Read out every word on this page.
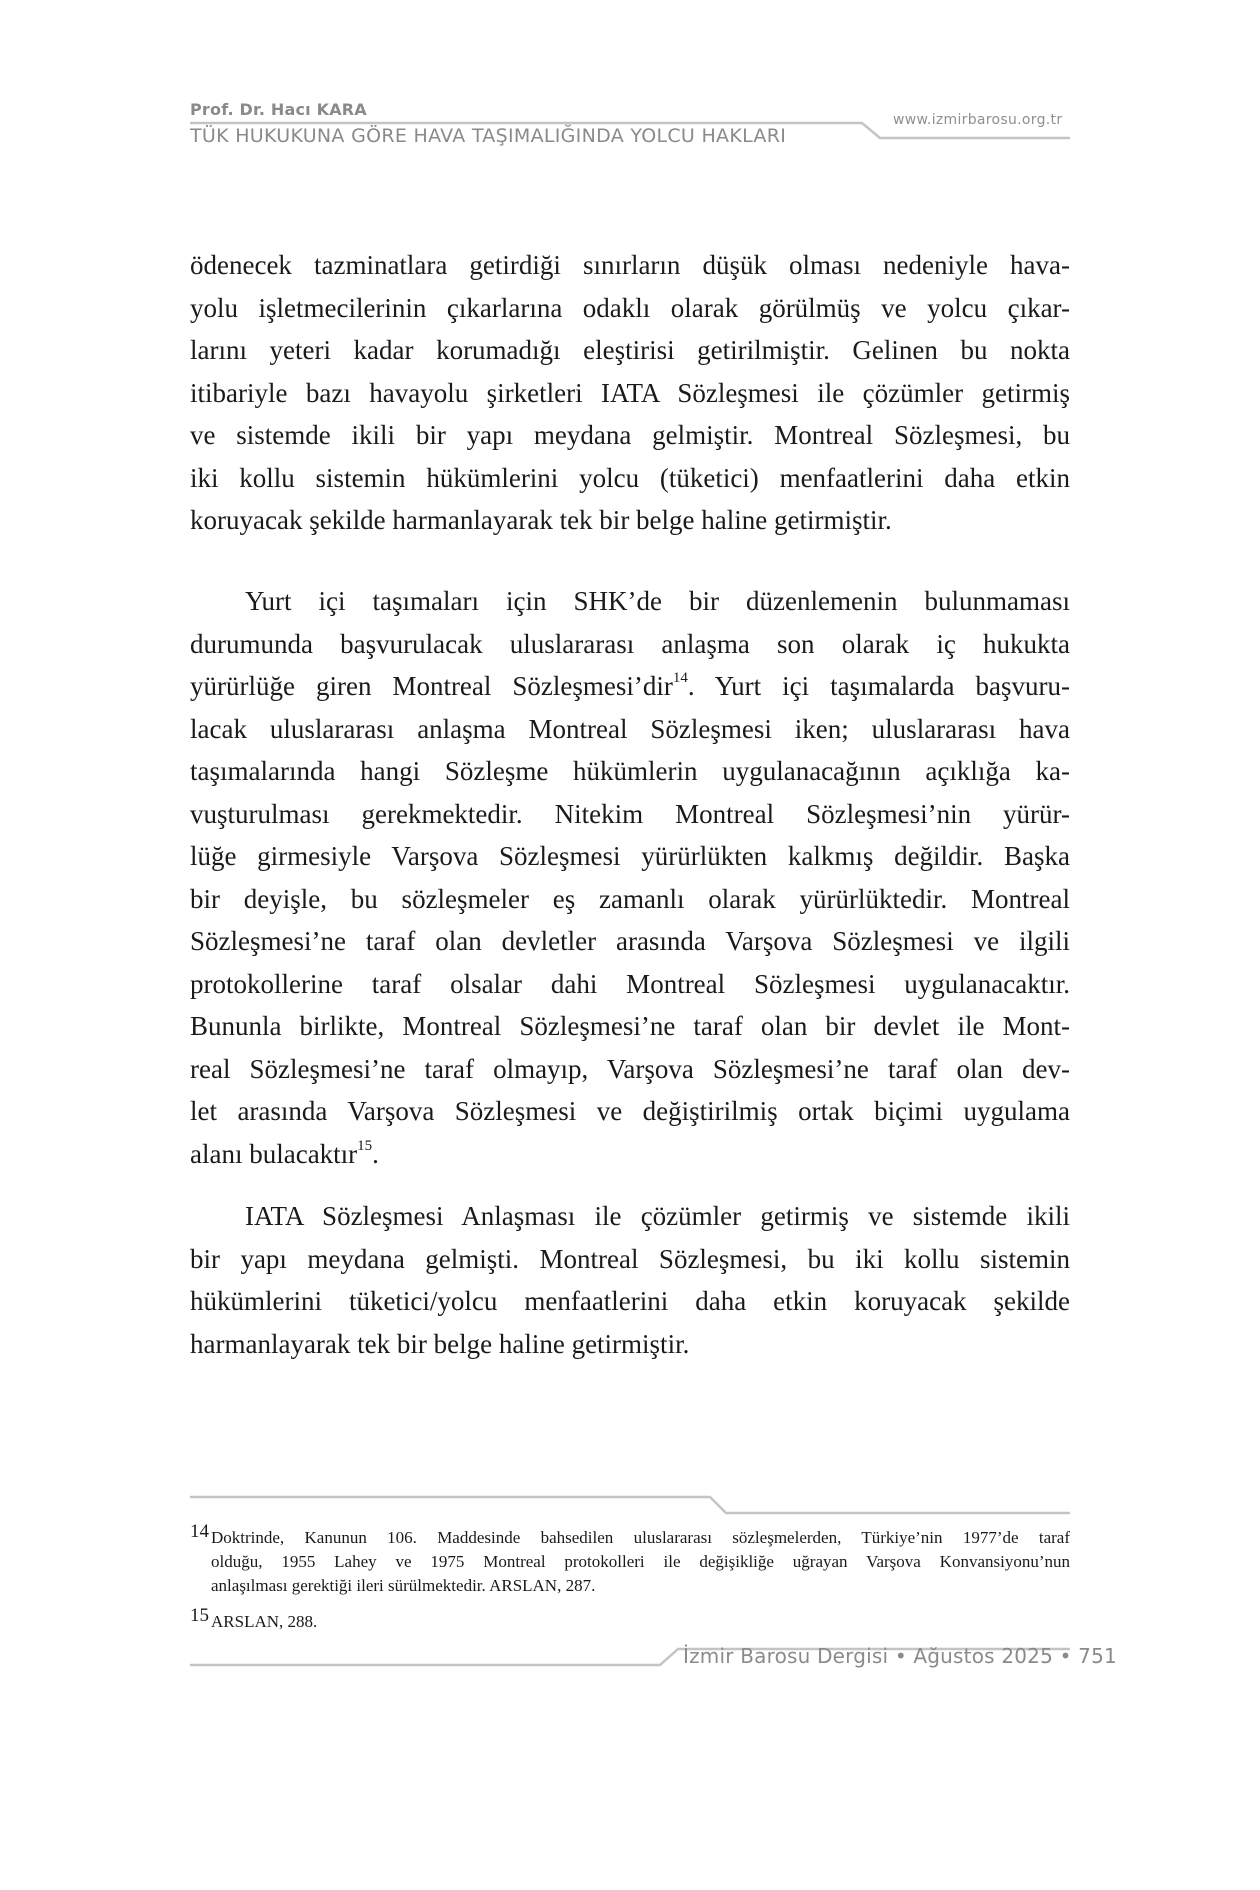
Prof. Dr. Hacı KARA
TÜK HUKUKUNA GÖRE HAVA TAŞIMALIĞINDA YOLCU HAKLARI
www.izmirbarosu.org.tr
ödenecek tazminatlara getirdiği sınırların düşük olması nedeniyle hava-
yolu işletmecilerinin çıkarlarına odaklı olarak görülmüş ve yolcu çıkar-
larını yeteri kadar korumadığı eleştirisi getirilmiştir. Gelinen bu nokta
itibariyle bazı havayolu şirketleri IATA Sözleşmesi ile çözümler getirmiş
ve sistemde ikili bir yapı meydana gelmiştir. Montreal Sözleşmesi, bu
iki kollu sistemin hükümlerini yolcu (tüketici) menfaatlerini daha etkin
koruyacak şekilde harmanlayarak tek bir belge haline getirmiştir.
Yurt içi taşımaları için SHK’de bir düzenlemenin bulunmaması
durumunda başvurulacak uluslararası anlaşma son olarak iç hukukta
yürürlüğe giren Montreal Sözleşmesi’dir$^{14}$. Yurt içi taşımalarda başvuru-
lacak uluslararası anlaşma Montreal Sözleşmesi iken; uluslararası hava
taşımalarında hangi Sözleşme hükümlerin uygulanacağının açıklığa ka-
vuşturulması gerekmektedir. Nitekim Montreal Sözleşmesi’nin yürür-
lüğe girmesiyle Varşova Sözleşmesi yürürlükten kalkmış değildir. Başka
bir deyişle, bu sözleşmeler eş zamanlı olarak yürürlüktedir. Montreal
Sözleşmesi’ne taraf olan devletler arasında Varşova Sözleşmesi ve ilgili
protokollerine taraf olsalar dahi Montreal Sözleşmesi uygulanacaktır.
Bununla birlikte, Montreal Sözleşmesi’ne taraf olan bir devlet ile Mont-
real Sözleşmesi’ne taraf olmayıp, Varşova Sözleşmesi’ne taraf olan dev-
let arasında Varşova Sözleşmesi ve değiştirilmiş ortak biçimi uygulama
alanı bulacaktır$^{15}$.
IATA Sözleşmesi Anlaşması ile çözümler getirmiş ve sistemde ikili
bir yapı meydana gelmişti. Montreal Sözleşmesi, bu iki kollu sistemin
hükümlerini tüketici/yolcu menfaatlerini daha etkin koruyacak şekilde
harmanlayarak tek bir belge haline getirmiştir.
14 Doktrinde, Kanunun 106. Maddesinde bahsedilen uluslararası sözleşmelerden, Türkiye’nin 1977’de taraf
olduğu, 1955 Lahey ve 1975 Montreal protokolleri ile değişikliğe uğrayan Varşova Konvansiyonu’nun
anlaşılması gerektiği ileri sürülmektedir. ARSLAN, 287.
15 ARSLAN, 288.
İzmir Barosu Dergisi • Ağustos 2025 • 751
